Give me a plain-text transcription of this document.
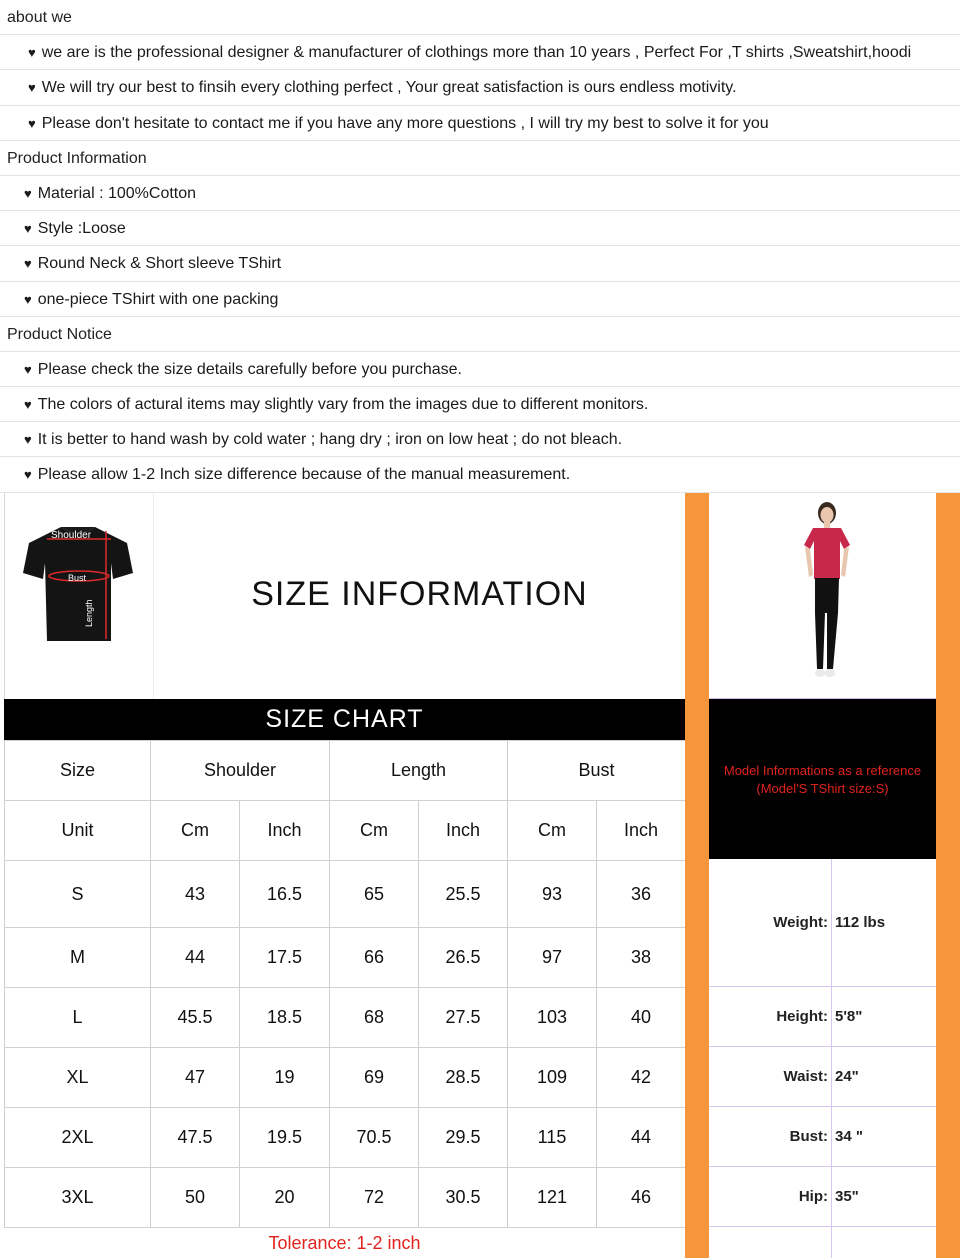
about we
♥ we are is the professional designer & manufacturer of clothings more than 10 years , Perfect For ,T shirts ,Sweatshirt,hoodi
♥ We will try our best to finsih every clothing perfect , Your great satisfaction is ours endless motivity.
♥ Please don't hesitate to contact me if you have any more questions , I will try my best to solve it for you
Product Information
♥ Material : 100%Cotton
♥ Style :Loose
♥ Round Neck & Short sleeve TShirt
♥ one-piece TShirt with one packing
Product Notice
♥ Please check the size details carefully before you purchase.
♥ The colors of actural items may slightly vary from the images due to different monitors.
♥ It is better to hand wash by cold water ; hang dry ; iron on low heat ; do not bleach.
♥ Please allow 1-2 Inch size difference because of the manual measurement.
Shoulder
Bust
Length
SIZE INFORMATION
SIZE CHART
Size	Shoulder		Length		Bust	
Unit	Cm	Inch	Cm	Inch	Cm	Inch
S	43	16.5	65	25.5	93	36
M	44	17.5	66	26.5	97	38
L	45.5	18.5	68	27.5	103	40
XL	47	19	69	28.5	109	42
2XL	47.5	19.5	70.5	29.5	115	44
3XL	50	20	72	30.5	121	46
Tolerance: 1-2 inch
Model Informations as a reference
(Model'S TShirt size:S)
Weight: 112 lbs
Height: 5'8"
Waist: 24"
Bust: 34 "
Hip: 35"
